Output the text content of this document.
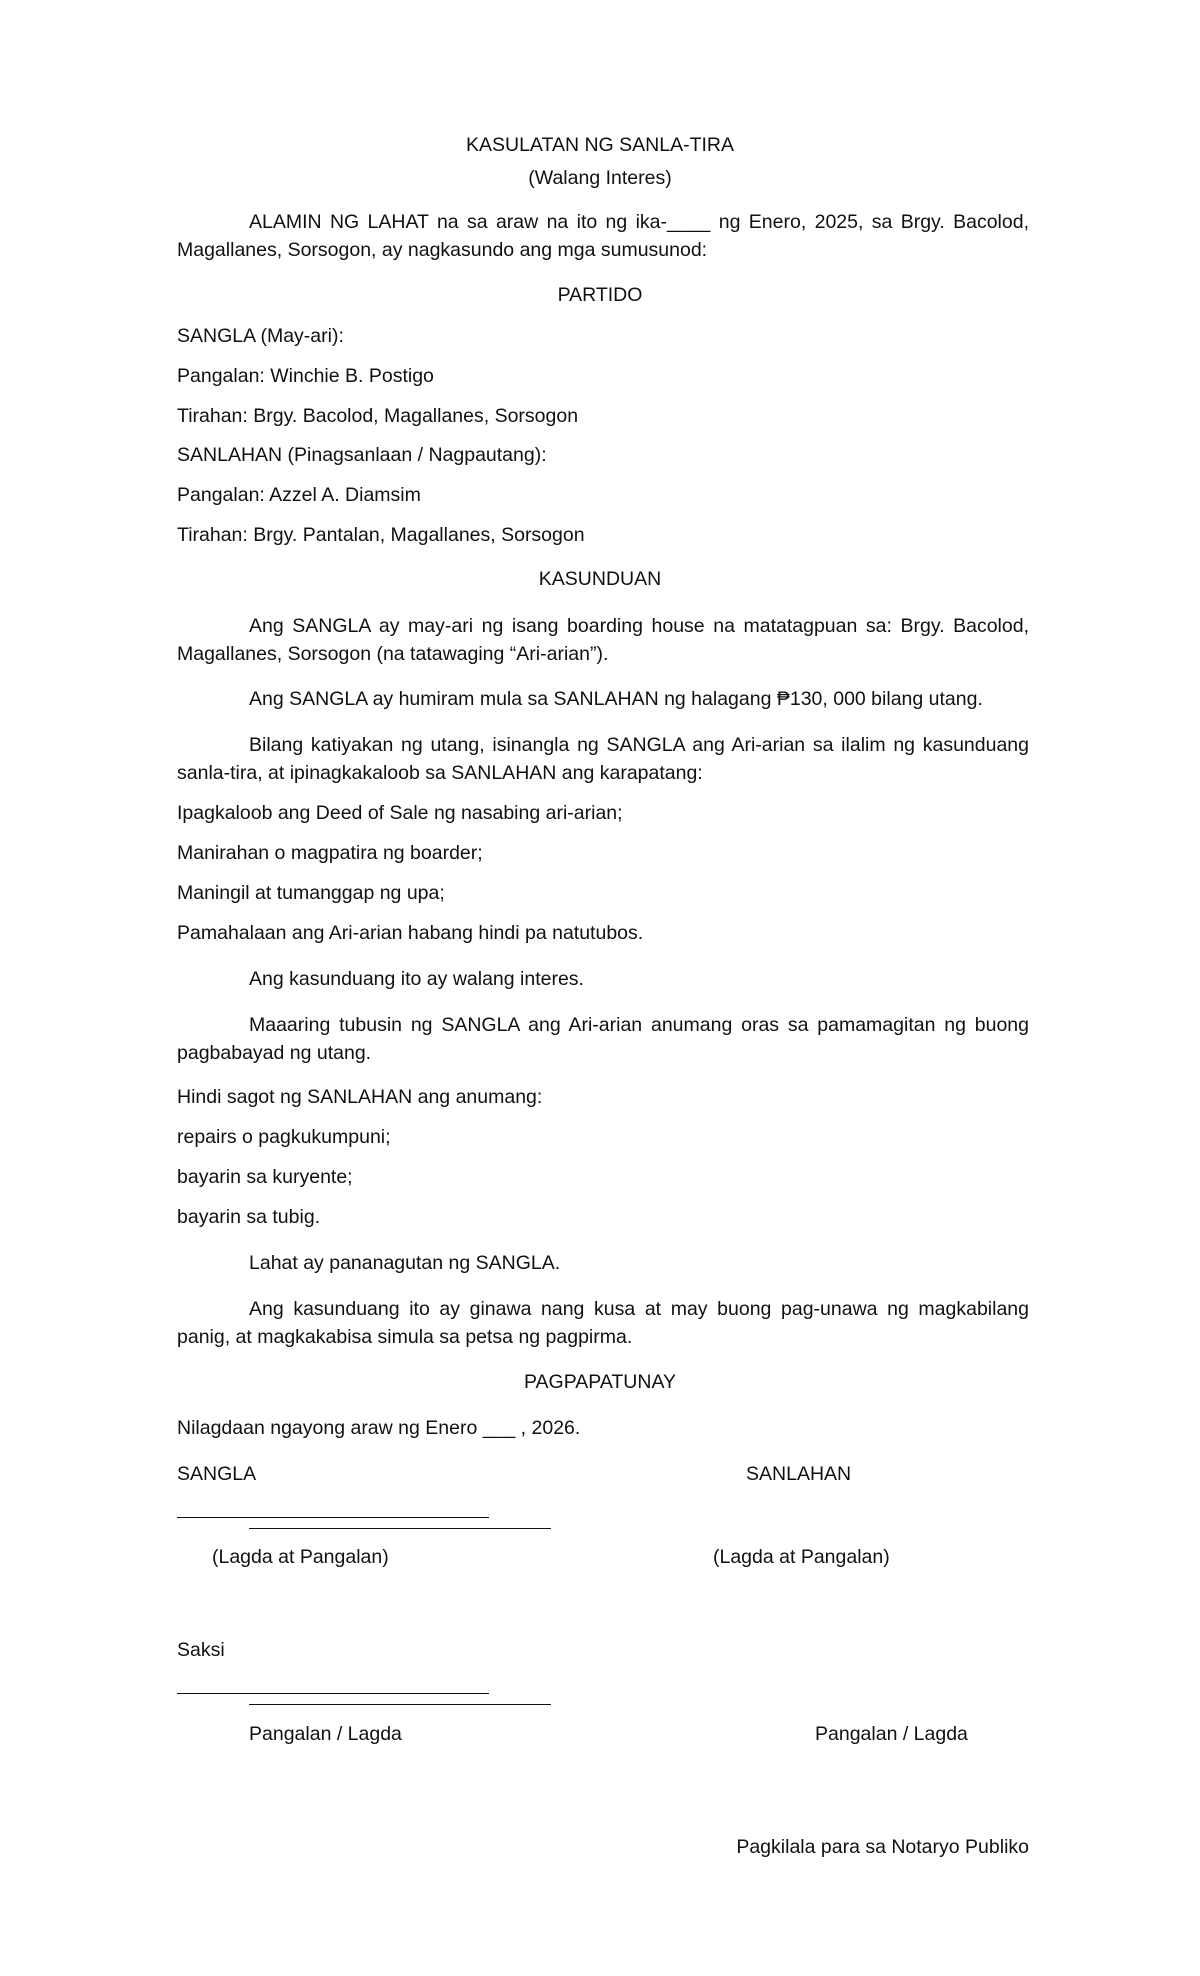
KASULATAN NG SANLA-TIRA

(Walang Interes)

ALAMIN NG LAHAT na sa araw na ito ng ika-____ ng Enero, 2025, sa Brgy. Bacolod,

Magallanes, Sorsogon, ay nagkasundo ang mga sumusunod:

PARTIDO

SANGLA (May-ari):

Pangalan: Winchie B. Postigo

Tirahan: Brgy. Bacolod, Magallanes, Sorsogon

SANLAHAN (Pinagsanlaan / Nagpautang):

Pangalan: Azzel A. Diamsim

Tirahan: Brgy. Pantalan, Magallanes, Sorsogon

KASUNDUAN

Ang SANGLA ay may-ari ng isang boarding house na matatagpuan sa: Brgy. Bacolod,

Magallanes, Sorsogon (na tatawaging “Ari-arian”).

Ang SANGLA ay humiram mula sa SANLAHAN ng halagang ₱130, 000 bilang utang.

Bilang katiyakan ng utang, isinangla ng SANGLA ang Ari-arian sa ilalim ng kasunduang

sanla-tira, at ipinagkakaloob sa SANLAHAN ang karapatang:

Ipagkaloob ang Deed of Sale ng nasabing ari-arian;

Manirahan o magpatira ng boarder;

Maningil at tumanggap ng upa;

Pamahalaan ang Ari-arian habang hindi pa natutubos.

Ang kasunduang ito ay walang interes.

Maaaring tubusin ng SANGLA ang Ari-arian anumang oras sa pamamagitan ng buong

pagbabayad ng utang.

Hindi sagot ng SANLAHAN ang anumang:

repairs o pagkukumpuni;

bayarin sa kuryente;

bayarin sa tubig.

Lahat ay pananagutan ng SANGLA.

Ang kasunduang ito ay ginawa nang kusa at may buong pag-unawa ng magkabilang

panig, at magkakabisa simula sa petsa ng pagpirma.

PAGPAPATUNAY

Nilagdaan ngayong araw ng Enero ___ , 2026.

SANGLA	SANLAHAN

(Lagda at Pangalan)	(Lagda at Pangalan)

Saksi

Pangalan / Lagda	Pangalan / Lagda

Pagkilala para sa Notaryo Publiko
